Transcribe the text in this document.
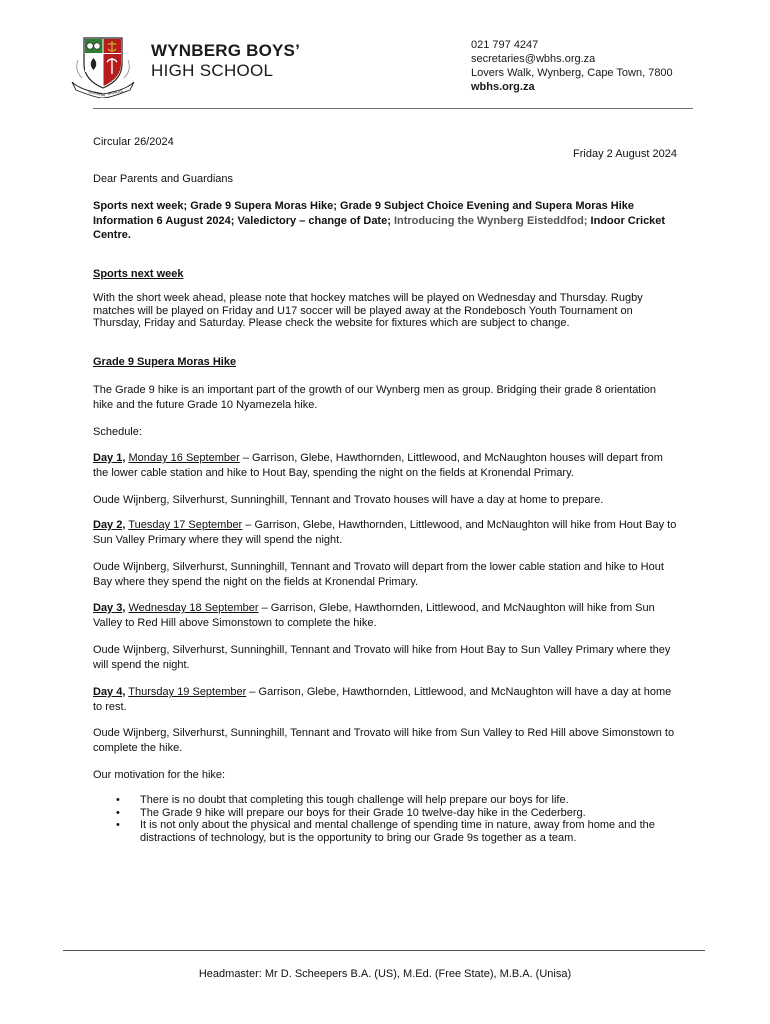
SUPERA MORAS
WYNBERG BOYS’
HIGH SCHOOL
021 797 4247
secretaries@wbhs.org.za
Lovers Walk, Wynberg, Cape Town, 7800
wbhs.org.za
Circular 26/2024
Friday 2 August 2024
Dear Parents and Guardians
Sports next week; Grade 9 Supera Moras Hike; Grade 9 Subject Choice Evening and Supera Moras Hike Information 6 August 2024; Valedictory – change of Date; Introducing the Wynberg Eisteddfod; Indoor Cricket Centre.
Sports next week
With the short week ahead, please note that hockey matches will be played on Wednesday and Thursday. Rugby matches will be played on Friday and U17 soccer will be played away at the Rondebosch Youth Tournament on Thursday, Friday and Saturday. Please check the website for fixtures which are subject to change.
Grade 9 Supera Moras Hike
The Grade 9 hike is an important part of the growth of our Wynberg men as group. Bridging their grade 8 orientation hike and the future Grade 10 Nyamezela hike.
Schedule:
Day 1, Monday 16 September – Garrison, Glebe, Hawthornden, Littlewood, and McNaughton houses will depart from the lower cable station and hike to Hout Bay, spending the night on the fields at Kronendal Primary.
Oude Wijnberg, Silverhurst, Sunninghill, Tennant and Trovato houses will have a day at home to prepare.
Day 2, Tuesday 17 September – Garrison, Glebe, Hawthornden, Littlewood, and McNaughton will hike from Hout Bay to Sun Valley Primary where they will spend the night.
Oude Wijnberg, Silverhurst, Sunninghill, Tennant and Trovato will depart from the lower cable station and hike to Hout Bay where they spend the night on the fields at Kronendal Primary.
Day 3, Wednesday 18 September – Garrison, Glebe, Hawthornden, Littlewood, and McNaughton will hike from Sun Valley to Red Hill above Simonstown to complete the hike.
Oude Wijnberg, Silverhurst, Sunninghill, Tennant and Trovato will hike from Hout Bay to Sun Valley Primary where they will spend the night.
Day 4, Thursday 19 September – Garrison, Glebe, Hawthornden, Littlewood, and McNaughton will have a day at home to rest.
Oude Wijnberg, Silverhurst, Sunninghill, Tennant and Trovato will hike from Sun Valley to Red Hill above Simonstown to complete the hike.
Our motivation for the hike:
• There is no doubt that completing this tough challenge will help prepare our boys for life.
• The Grade 9 hike will prepare our boys for their Grade 10 twelve-day hike in the Cederberg.
• It is not only about the physical and mental challenge of spending time in nature, away from home and the distractions of technology, but is the opportunity to bring our Grade 9s together as a team.
Headmaster: Mr D. Scheepers B.A. (US), M.Ed. (Free State), M.B.A. (Unisa)
